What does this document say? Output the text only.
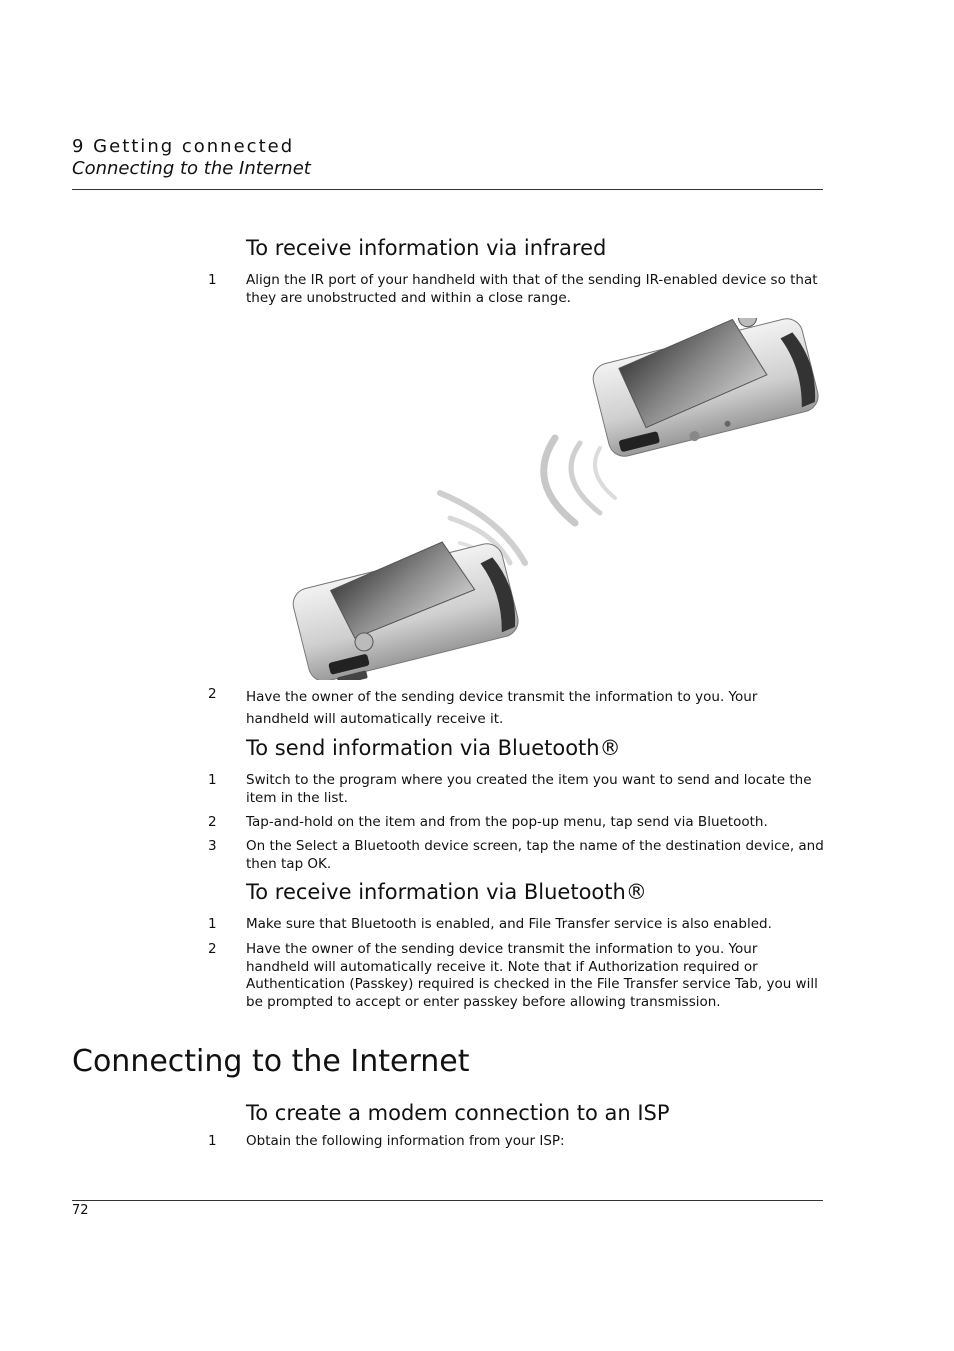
9 Getting connected
Connecting to the Internet
To receive information via infrared
1 Align the IR port of your handheld with that of the sending IR-enabled device so that they are unobstructed and within a close range.
2 Have the owner of the sending device transmit the information to you. Your handheld will automatically receive it.
To send information via Bluetooth®
1 Switch to the program where you created the item you want to send and locate the item in the list.
2 Tap-and-hold on the item and from the pop-up menu, tap send via Bluetooth.
3 On the Select a Bluetooth device screen, tap the name of the destination device, and then tap OK.
To receive information via Bluetooth®
1 Make sure that Bluetooth is enabled, and File Transfer service is also enabled.
2 Have the owner of the sending device transmit the information to you. Your handheld will automatically receive it. Note that if Authorization required or Authentication (Passkey) required is checked in the File Transfer service Tab, you will be prompted to accept or enter passkey before allowing transmission.
Connecting to the Internet
To create a modem connection to an ISP
1 Obtain the following information from your ISP:
72
